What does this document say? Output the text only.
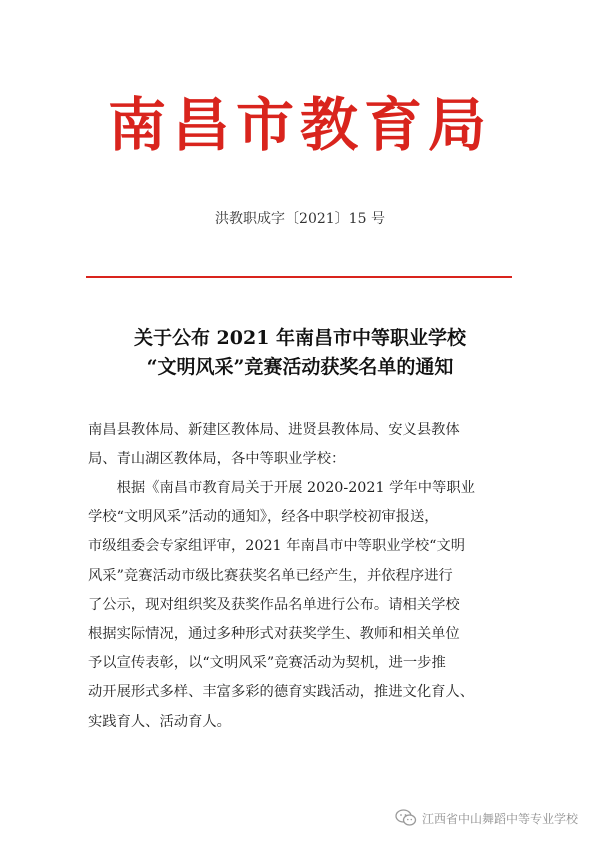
南昌市教育局
洪教职成字〔2021〕15 号
关于公布 2021 年南昌市中等职业学校
“文明风采”竞赛活动获奖名单的通知

南昌县教体局、新建区教体局、进贤县教体局、安义县教体

局、青山湖区教体局，各中等职业学校：

根据《南昌市教育局关于开展 2020-2021 学年中等职业

学校“文明风采”活动的通知》，经各中职学校初审报送，

市级组委会专家组评审，2021 年南昌市中等职业学校“文明

风采”竞赛活动市级比赛获奖名单已经产生，并依程序进行

了公示，现对组织奖及获奖作品名单进行公布。请相关学校

根据实际情况，通过多种形式对获奖学生、教师和相关单位

予以宣传表彰，以“文明风采”竞赛活动为契机，进一步推

动开展形式多样、丰富多彩的德育实践活动，推进文化育人、

实践育人、活动育人。

江西省中山舞蹈中等专业学校
